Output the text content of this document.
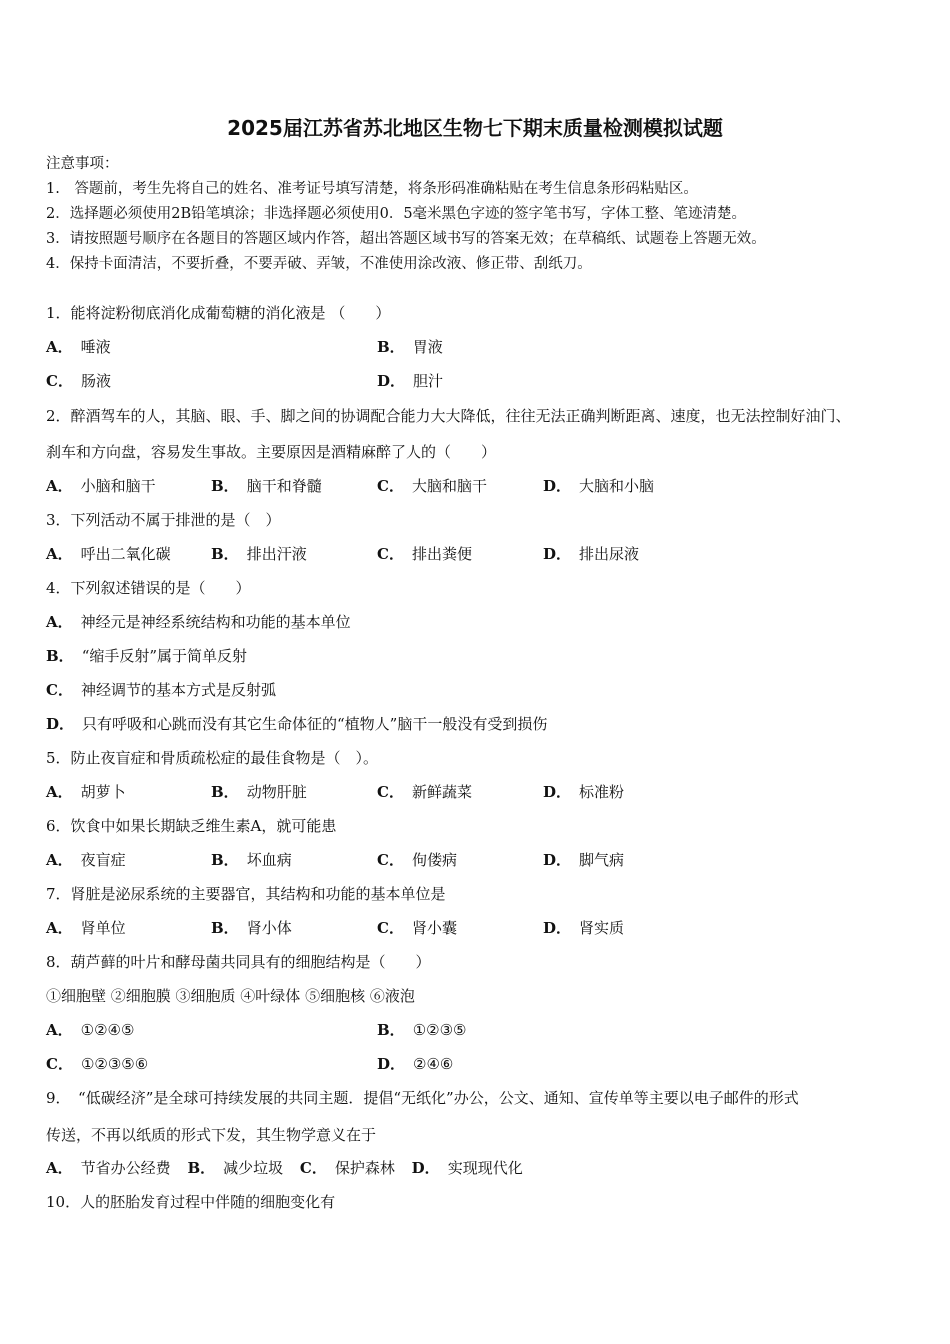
2025届江苏省苏北地区生物七下期末质量检测模拟试题
注意事项：
1.　答题前，考生先将自己的姓名、准考证号填写清楚，将条形码准确粘贴在考生信息条形码粘贴区。
2．选择题必须使用2B铅笔填涂；非选择题必须使用0．5毫米黑色字迹的签字笔书写，字体工整、笔迹清楚。
3．请按照题号顺序在各题目的答题区域内作答，超出答题区域书写的答案无效；在草稿纸、试题卷上答题无效。
4．保持卡面清洁，不要折叠，不要弄破、弄皱，不准使用涂改液、修正带、刮纸刀。
1．能将淀粉彻底消化成葡萄糖的消化液是 （　　）
A． 唾液	B． 胃液
C． 肠液	D． 胆汁
2．醉酒驾车的人，其脑、眼、手、脚之间的协调配合能力大大降低，往往无法正确判断距离、速度，也无法控制好油门、
刹车和方向盘，容易发生事故。主要原因是酒精麻醉了人的（　　）
A． 小脑和脑干	B． 脑干和脊髓	C． 大脑和脑干	D． 大脑和小脑
3．下列活动不属于排泄的是（　）
A． 呼出二氧化碳	B． 排出汗液	C． 排出粪便	D． 排出尿液
4．下列叙述错误的是（　　）
A． 神经元是神经系统结构和功能的基本单位
B． “缩手反射”属于简单反射
C． 神经调节的基本方式是反射弧
D． 只有呼吸和心跳而没有其它生命体征的“植物人”脑干一般没有受到损伤
5．防止夜盲症和骨质疏松症的最佳食物是（　）。
A． 胡萝卜	B． 动物肝脏	C． 新鲜蔬菜	D． 标准粉
6．饮食中如果长期缺乏维生素A，就可能患
A． 夜盲症	B． 坏血病	C． 佝偻病	D． 脚气病
7．肾脏是泌尿系统的主要器官，其结构和功能的基本单位是
A． 肾单位	B． 肾小体	C． 肾小囊	D． 肾实质
8．葫芦藓的叶片和酵母菌共同具有的细胞结构是（　　）
①细胞壁 ②细胞膜 ③细胞质 ④叶绿体 ⑤细胞核 ⑥液泡
A． ①②④⑤	B． ①②③⑤
C． ①②③⑤⑥	D． ②④⑥
9．　“低碳经济”是全球可持续发展的共同主题．提倡“无纸化”办公，公文、通知、宣传单等主要以电子邮件的形式
传送，不再以纸质的形式下发，其生物学意义在于
A． 节省办公经费 B． 减少垃圾 C． 保护森林 D． 实现现代化
10．人的胚胎发育过程中伴随的细胞变化有
